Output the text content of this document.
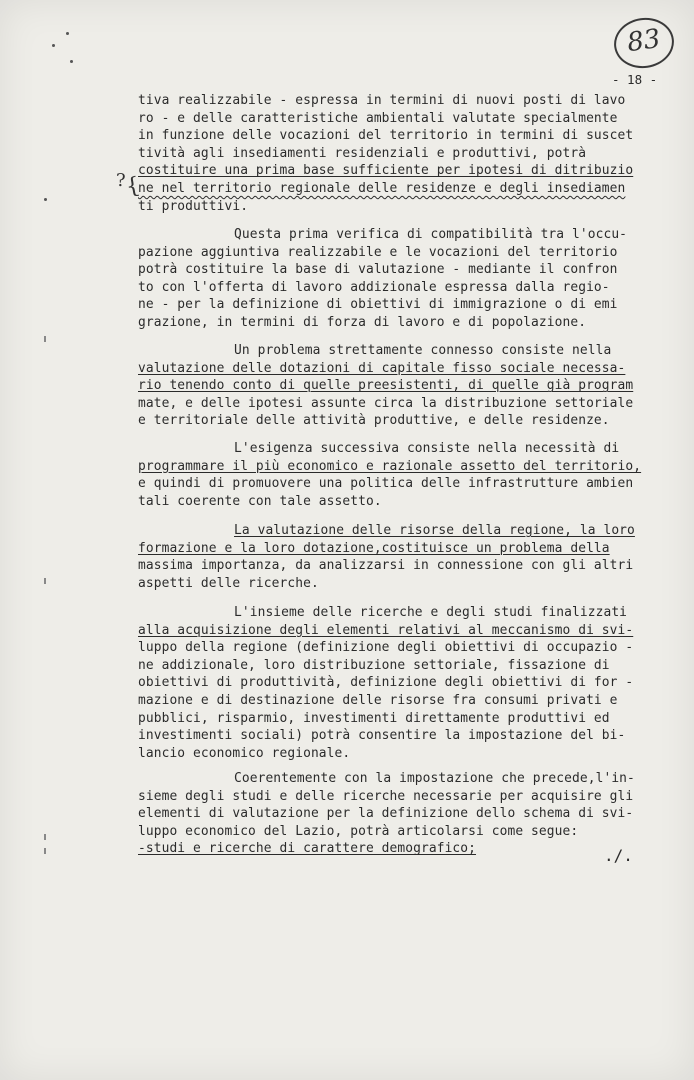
83
- 18 -
?
{
tiva realizzabile - espressa in termini di nuovi posti di lavo
ro - e delle caratteristiche ambientali valutate specialmente
in funzione delle vocazioni del territorio in termini di suscet
tività agli insediamenti residenziali e produttivi, potrà
costituire una prima base sufficiente per ipotesi di ditribuzio
ne nel territorio regionale delle residenze e degli insediamen
ti produttivi.
Questa prima verifica di compatibilità tra l'occu-
pazione aggiuntiva realizzabile e le vocazioni del territorio
potrà costituire la base di valutazione - mediante il confron
to con l'offerta di lavoro addizionale espressa dalla regio-
ne - per la definizione di obiettivi di immigrazione o di emi
grazione, in termini di forza di lavoro e di popolazione.
Un problema strettamente connesso consiste nella
valutazione delle dotazioni di capitale fisso sociale necessa-
rio tenendo conto di quelle preesistenti, di quelle già program
mate, e delle ipotesi assunte circa la distribuzione settoriale
e territoriale delle attività produttive, e delle residenze.
L'esigenza successiva consiste nella necessità di
programmare il più economico e razionale assetto del territorio,
e quindi di promuovere una politica delle infrastrutture ambien
tali coerente con tale assetto.
La valutazione delle risorse della regione, la loro
formazione e la loro dotazione,costituisce un problema della
massima importanza, da analizzarsi in connessione con gli altri
aspetti delle ricerche.
L'insieme delle ricerche e degli studi finalizzati
alla acquisizione degli elementi relativi al meccanismo di svi-
luppo della regione (definizione degli obiettivi di occupazio -
ne addizionale, loro distribuzione settoriale, fissazione di
obiettivi di produttività, definizione degli obiettivi di for -
mazione e di destinazione delle risorse fra consumi privati e
pubblici, risparmio, investimenti direttamente produttivi ed
investimenti sociali) potrà consentire la impostazione del bi-
lancio economico regionale.
Coerentemente con la impostazione che precede,l'in-
sieme degli studi e delle ricerche necessarie per acquisire gli
elementi di valutazione per la definizione dello schema di svi-
luppo economico del Lazio, potrà articolarsi come segue:
-studi e ricerche di carattere demografico;	./.
